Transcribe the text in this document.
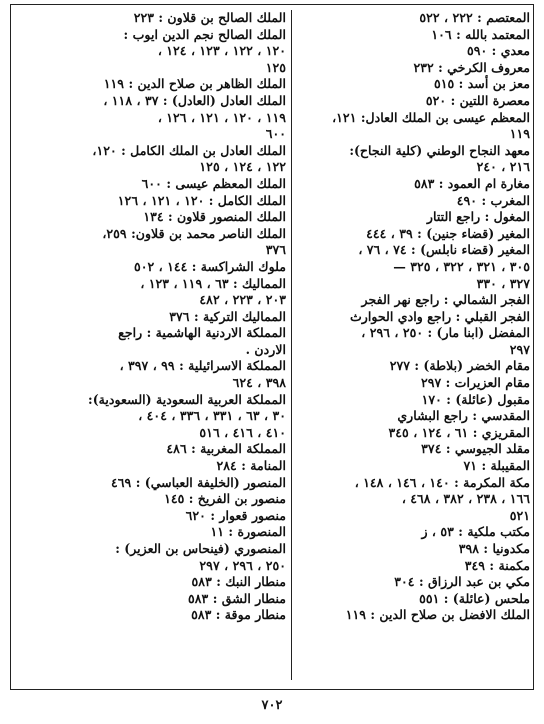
المعتصم : ٢٢٢ ، ٥٢٢
المعتمد بالله : ١٠٦
معدي : ٥٩٠
معروف الكرخي : ٢٣٢
معز بن أسد : ٥١٥
معصرة اللتين : ٥٢٠
المعظم عيسى بن الملك العادل: ١٢١،
١١٩
معهد النجاح الوطني (كلية النجاح):
٢١٦ ، ٢٤٠
مغارة ام العمود : ٥٨٣
المغرب : ٤٩٠
المغول : راجع التتار
المغير (قضاء جنين) : ٣٩ ، ٤٤٤
المغير (قضاء نابلس) : ٧٤ ، ٧٦ ،
٣٠٥ ، ٣٢١ ، ٣٢٢ ، ٣٢٥ —
٣٢٧ ، ٣٣٠
الفجر الشمالي : راجع نهر الفجر
الفجر القبلي : راجع وادي الحوارث
المفضل (ابنا مار) : ٢٥٠ ، ٢٩٦ ،
٢٩٧
مقام الخضر (بلاطة) : ٢٧٧
مقام العزيرات : ٢٩٧
مقبول (عائلة) : ١٧٠
المقدسي : راجع البشاري
المقريزي : ٦١ ، ١٢٤ ، ٣٤٥
مقلد الجيوسي : ٣٧٤
المقيبلة : ٧١
مكة المكرمة : ١٤٠ ، ١٤٦ ، ١٤٨ ،
١٦٦ ، ٢٣٨ ، ٣٨٢ ، ٤٦٨ ،
٥٢١
مكتب ملكية : ٥٣ ، ز
مكدونيا : ٣٩٨
مكمنة : ٣٤٩
مكي بن عبد الرزاق : ٣٠٤
ملحس (عائلة) : ٥٥١
الملك الافضل بن صلاح الدين : ١١٩
الملك الصالح بن قلاون : ٢٢٣
الملك الصالح نجم الدين ايوب :
١٢٠ ، ١٢٢ ، ١٢٣ ، ١٢٤ ،
١٢٥
الملك الظاهر بن صلاح الدين : ١١٩
الملك العادل (العادل) : ٣٧ ، ١١٨ ،
١١٩ ، ١٢٠ ، ١٢١ ، ١٢٦ ،
٦٠٠
الملك العادل بن الملك الكامل : ١٢٠،
١٢٢ ، ١٢٤ ، ١٢٥
الملك المعظم عيسى : ٦٠٠
الملك الكامل : ١٢٠ ، ١٢١ ، ١٢٦
الملك المنصور قلاون : ١٣٤
الملك الناصر محمد بن قلاون: ٢٥٩،
٣٧٦
ملوك الشراكسة : ١٤٤ ، ٥٠٢
المماليك : ٦٣ ، ١١٩ ، ١٢٣ ،
٢٠٣ ، ٢٢٣ ، ٤٨٢
المماليك التركية : ٣٧٦
المملكة الاردنية الهاشمية : راجع
الاردن .
المملكة الاسرائيلية : ٩٩ ، ٣٩٧ ،
٣٩٨ ، ٦٢٤
المملكة العربية السعودية (السعودية):
٣٠ ، ٦٣ ، ٣٣١ ، ٣٣٦ ، ٤٠٤ ،
٤١٠ ، ٤١٦ ، ٥١٦
المملكة المغربية : ٤٨٦
المنامة : ٢٨٤
المنصور (الخليفة العباسي) : ٤٦٩
منصور بن الفريخ : ١٤٥
منصور قعوار : ٦٢٠
المنصورة : ١١
المنصوري (فينحاس بن العزير) :
٢٥٠ ، ٢٩٦ ، ٢٩٧
منطار النبك : ٥٨٣
منطار الشق : ٥٨٣
منطار موقة : ٥٨٣
٧٠٢
